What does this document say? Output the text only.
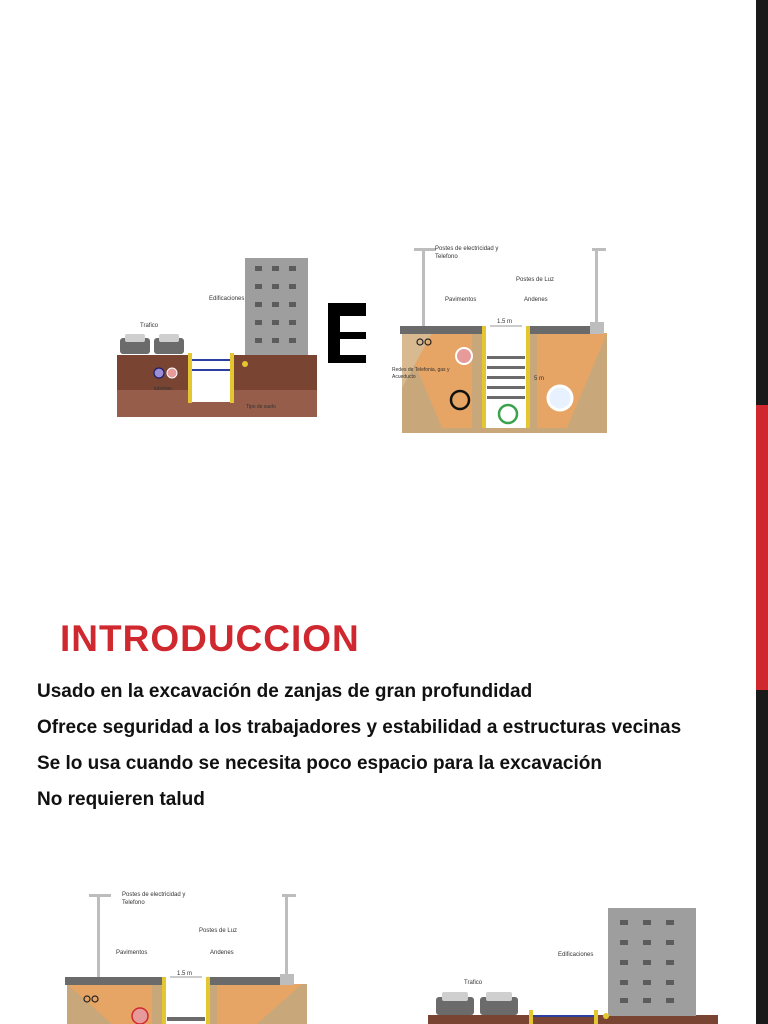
Edificaciones
Trafico
tuberias
Tipo de suelo
Postes de electricidad y
Telefono
Postes de Luz
Pavimentos	Andenes
1.5 m
5 m
Redes de Telefonia, gas y
Acueducto
INTRODUCCION
Usado en la excavación de zanjas de gran profundidad
Ofrece seguridad a los trabajadores y estabilidad a estructuras vecinas
Se lo usa cuando se necesita poco espacio para la excavación
No requieren talud
Postes de electricidad y
Telefono
Postes de Luz
Pavimentos	Andenes
1.5 m
Edificaciones
Trafico
